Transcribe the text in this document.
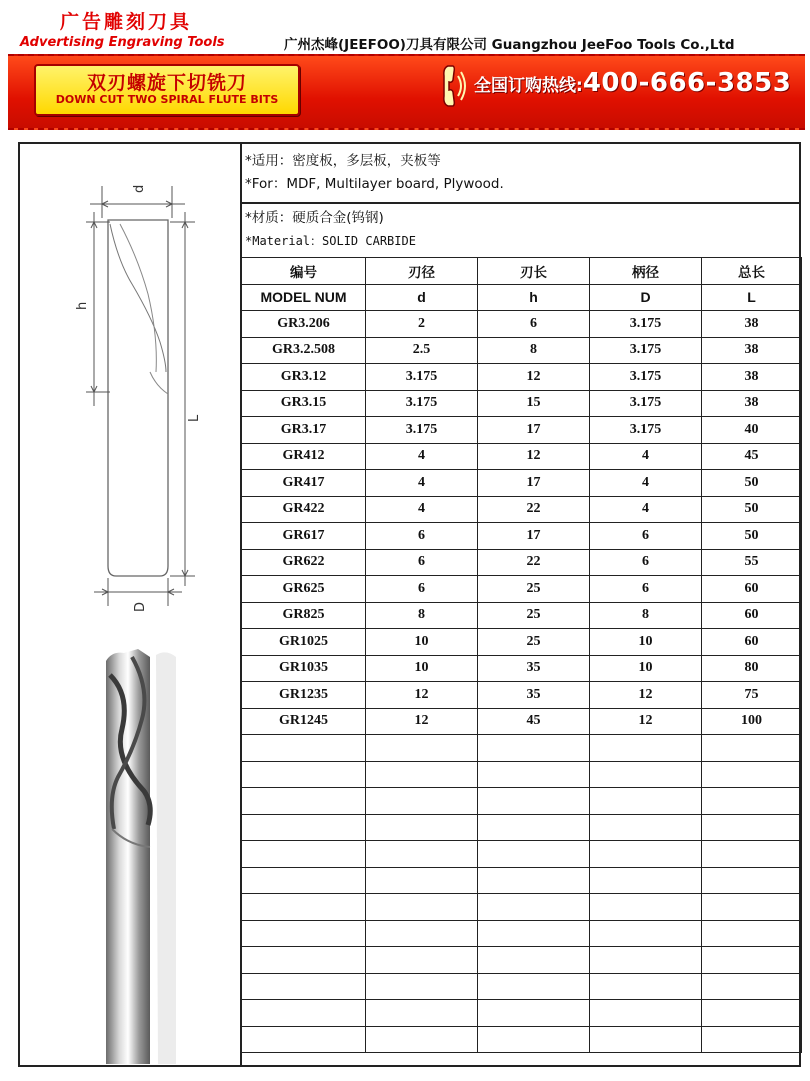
广告雕刻刀具
Advertising Engraving Tools	广州杰峰(JEEFOO)刀具有限公司 Guangzhou JeeFoo Tools Co.,Ltd
双刃螺旋下切铣刀
DOWN CUT TWO SPIRAL FLUTE BITS
全国订购热线:400-666-3853
d
h
L
D
*适用：密度板，多层板，夹板等
*For：MDF, Multilayer board, Plywood.
*材质：硬质合金(钨钢)
*Material：SOLID CARBIDE
编号	刃径	刃长	柄径	总长
MODEL NUM	d	h	D	L
GR3.206	2	6	3.175	38
GR3.2.508	2.5	8	3.175	38
GR3.12	3.175	12	3.175	38
GR3.15	3.175	15	3.175	38
GR3.17	3.175	17	3.175	40
GR412	4	12	4	45
GR417	4	17	4	50
GR422	4	22	4	50
GR617	6	17	6	50
GR622	6	22	6	55
GR625	6	25	6	60
GR825	8	25	8	60
GR1025	10	25	10	60
GR1035	10	35	10	80
GR1235	12	35	12	75
GR1245	12	45	12	100
